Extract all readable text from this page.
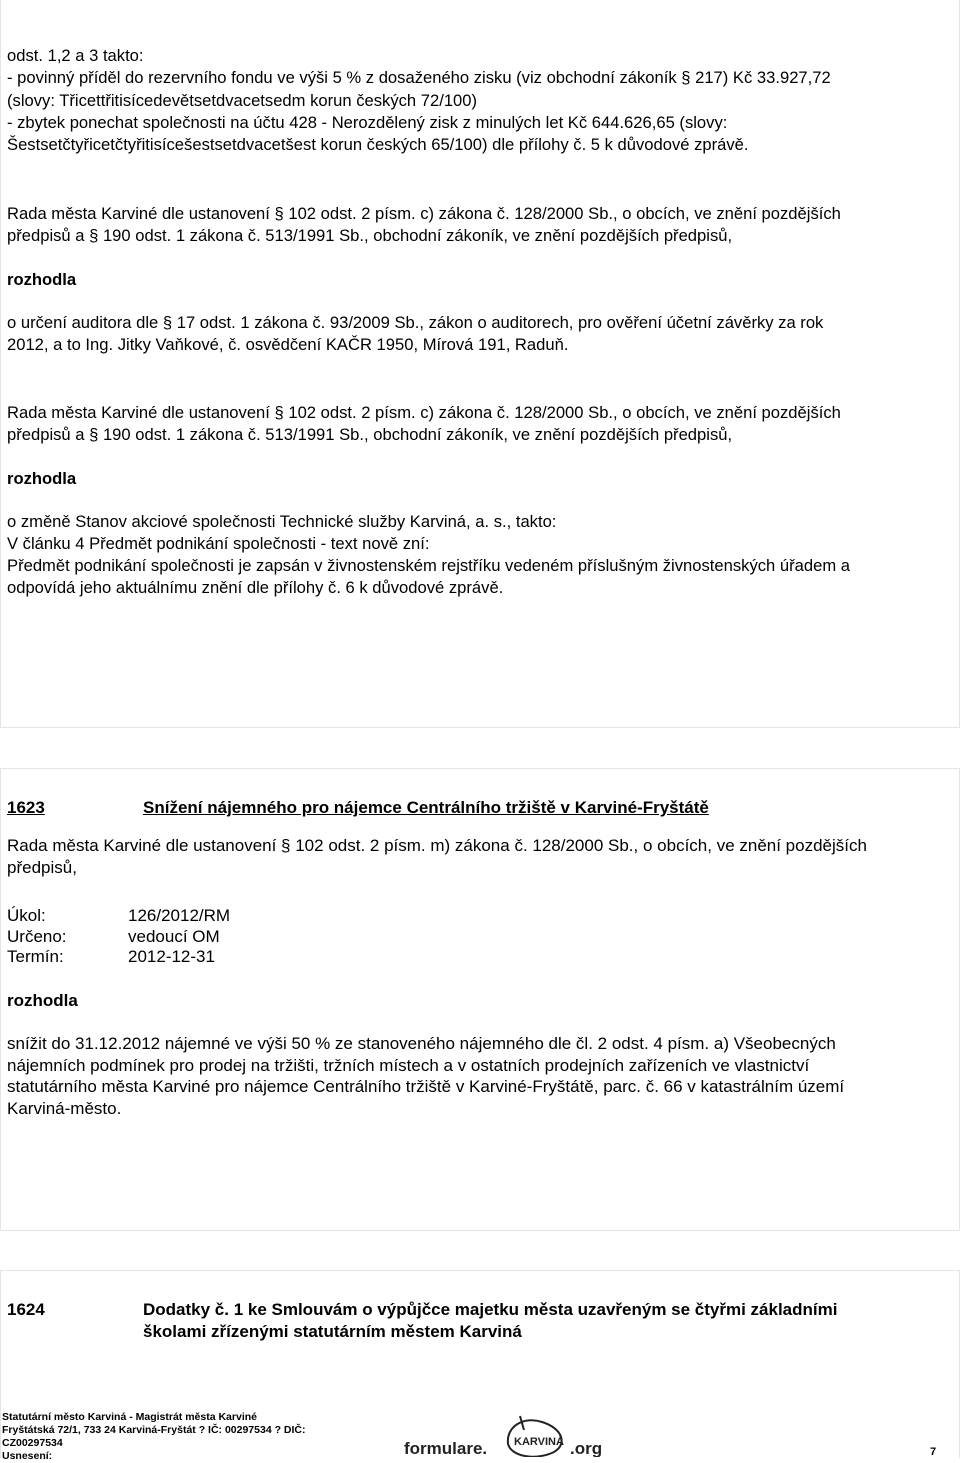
odst. 1,2 a 3 takto:
- povinný příděl do rezervního fondu ve výši 5 % z dosaženého zisku (viz obchodní zákoník § 217) Kč 33.927,72
(slovy: Třicettřitisícedevětsetdvacetsedm korun českých 72/100)
- zbytek ponechat společnosti na účtu 428 - Nerozdělený zisk z minulých let Kč 644.626,65 (slovy:
Šestsetčtyřicetčtyřitisícešestsetdvacetšest korun českých 65/100) dle přílohy č. 5 k důvodové zprávě.
Rada města Karviné dle ustanovení § 102 odst. 2 písm. c) zákona č. 128/2000 Sb., o obcích, ve znění pozdějších
předpisů a § 190 odst. 1 zákona č. 513/1991 Sb., obchodní zákoník, ve znění pozdějších předpisů,
rozhodla
o určení auditora dle § 17 odst. 1 zákona č. 93/2009 Sb., zákon o auditorech, pro ověření účetní závěrky za rok
2012, a to Ing. Jitky Vaňkové, č. osvědčení KAČR 1950, Mírová 191, Raduň.
Rada města Karviné dle ustanovení § 102 odst. 2 písm. c) zákona č. 128/2000 Sb., o obcích, ve znění pozdějších
předpisů a § 190 odst. 1 zákona č. 513/1991 Sb., obchodní zákoník, ve znění pozdějších předpisů,
rozhodla
o změně Stanov akciové společnosti Technické služby Karviná, a. s., takto:
V článku 4 Předmět podnikání společnosti - text nově zní:
Předmět podnikání společnosti je zapsán v živnostenském rejstříku vedeném příslušným živnostenských úřadem a
odpovídá jeho aktuálnímu znění dle přílohy č. 6 k důvodové zprávě.
1623	Snížení nájemného pro nájemce Centrálního tržiště v Karviné-Fryštátě
Rada města Karviné dle ustanovení § 102 odst. 2 písm. m) zákona č. 128/2000 Sb., o obcích, ve znění pozdějších
předpisů,
Úkol:	126/2012/RM
Určeno:	vedoucí OM
Termín:	2012-12-31
rozhodla
snížit do 31.12.2012 nájemné ve výši 50 % ze stanoveného nájemného dle čl. 2 odst. 4 písm. a) Všeobecných
nájemních podmínek pro prodej na tržišti, tržních místech a v ostatních prodejních zařízeních ve vlastnictví
statutárního města Karviné pro nájemce Centrálního tržiště v Karviné-Fryštátě, parc. č. 66 v katastrálním území
Karviná-město.
1624	Dodatky č. 1 ke Smlouvám o výpůjčce majetku města uzavřeným se čtyřmi základními
školami zřízenými statutárním městem Karviná
Statutární město Karviná - Magistrát města Karviné
Fryštátská 72/1, 733 24 Karviná-Fryštát ? IČ: 00297534 ? DIČ:
CZ00297534
Usnesení:	formulare. KARVINÁ .org	7
